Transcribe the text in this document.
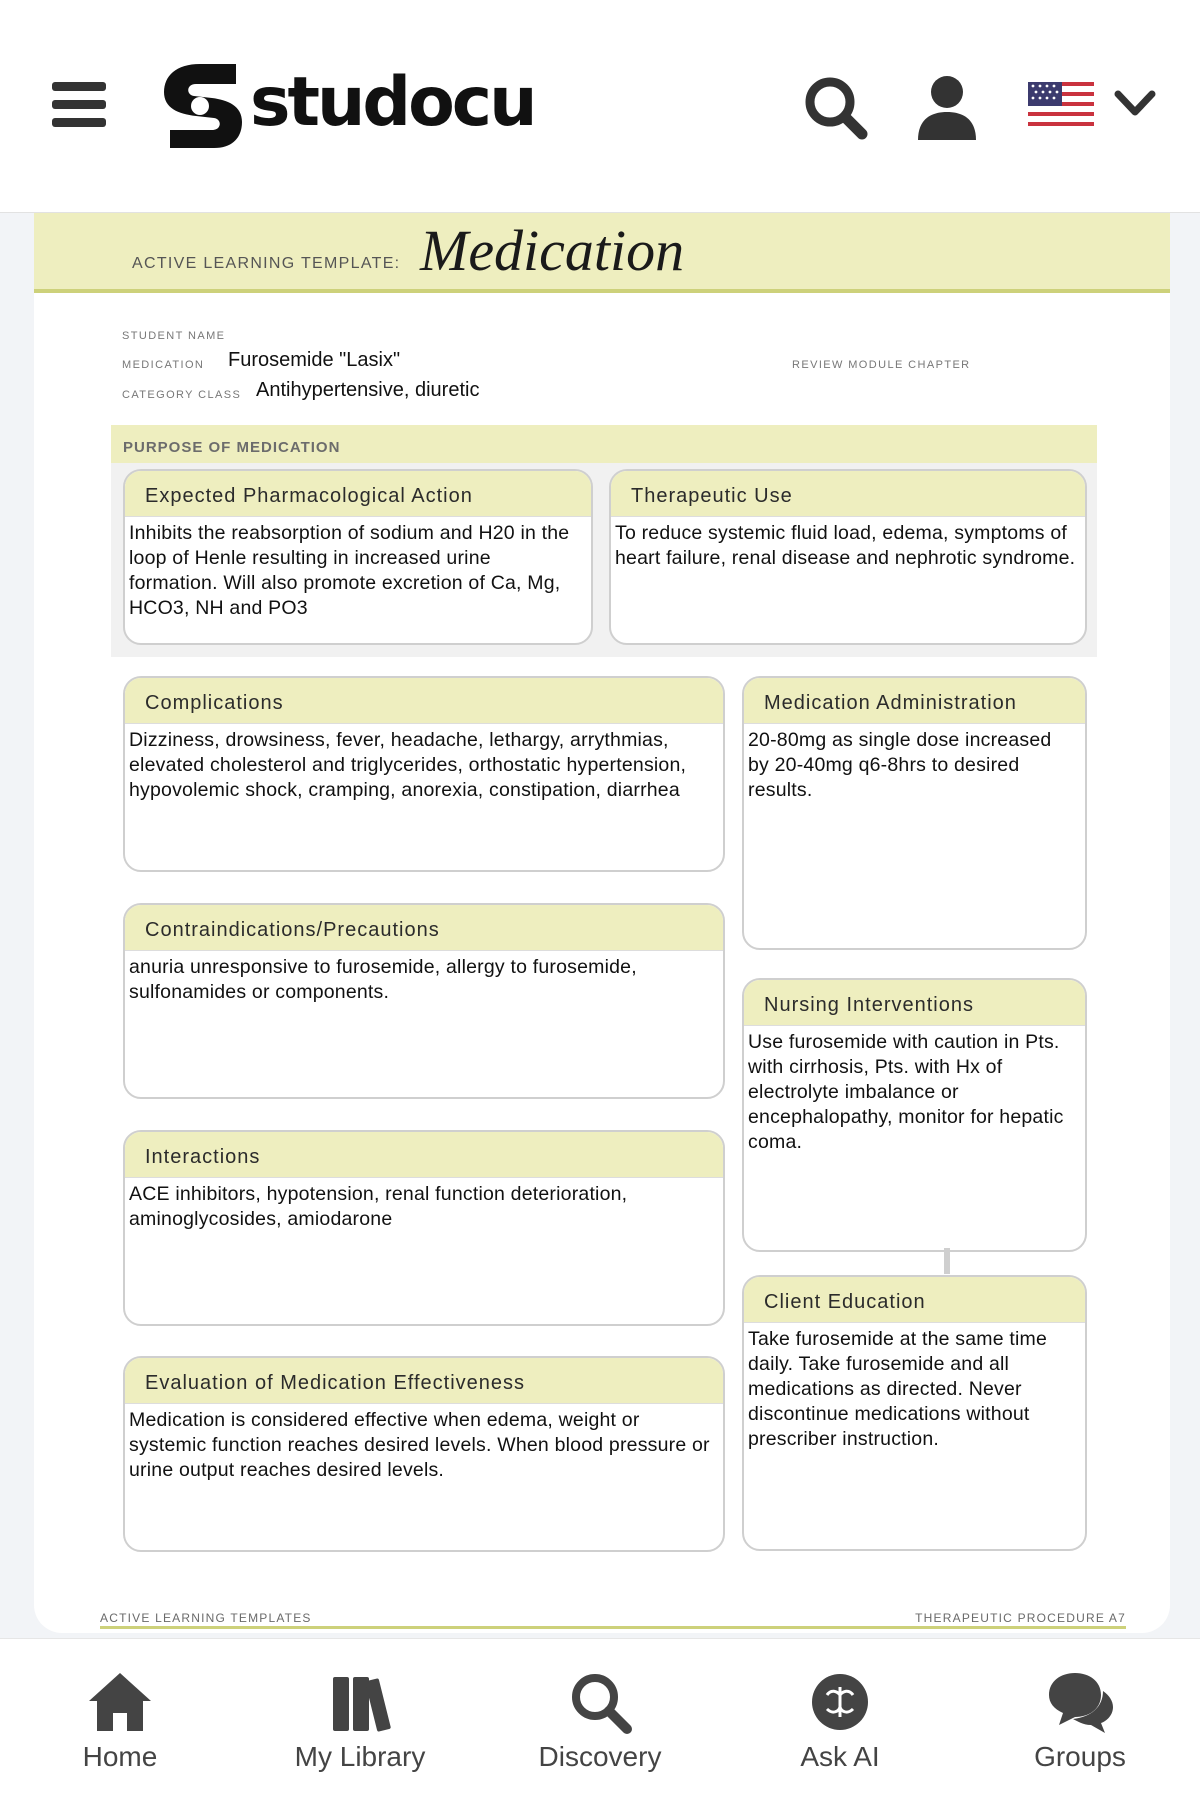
studocu
ACTIVE LEARNING TEMPLATE: Medication
STUDENT NAME
MEDICATION Furosemide "Lasix"
CATEGORY CLASS Antihypertensive, diuretic
REVIEW MODULE CHAPTER
PURPOSE OF MEDICATION
Expected Pharmacological Action
Inhibits the reabsorption of sodium and H20 in the loop of Henle resulting in increased urine formation. Will also promote excretion of Ca, Mg, HCO3, NH and PO3
Therapeutic Use
To reduce systemic fluid load, edema, symptoms of heart failure, renal disease and nephrotic syndrome.
Complications
Dizziness, drowsiness, fever, headache, lethargy, arrythmias, elevated cholesterol and triglycerides, orthostatic hypertension, hypovolemic shock, cramping, anorexia, constipation, diarrhea
Medication Administration
20-80mg as single dose increased by 20-40mg q6-8hrs to desired results.
Contraindications/Precautions
anuria unresponsive to furosemide, allergy to furosemide, sulfonamides or components.
Nursing Interventions
Use furosemide with caution in Pts. with cirrhosis, Pts. with Hx of electrolyte imbalance or encephalopathy, monitor for hepatic coma.
Interactions
ACE inhibitors, hypotension, renal function deterioration, aminoglycosides, amiodarone
Client Education
Take furosemide at the same time daily. Take furosemide and all medications as directed. Never discontinue medications without prescriber instruction.
Evaluation of Medication Effectiveness
Medication is considered effective when edema, weight or systemic function reaches desired levels. When blood pressure or urine output reaches desired levels.
ACTIVE LEARNING TEMPLATES	THERAPEUTIC PROCEDURE A7
Home	My Library	Discovery	Ask AI	Groups
